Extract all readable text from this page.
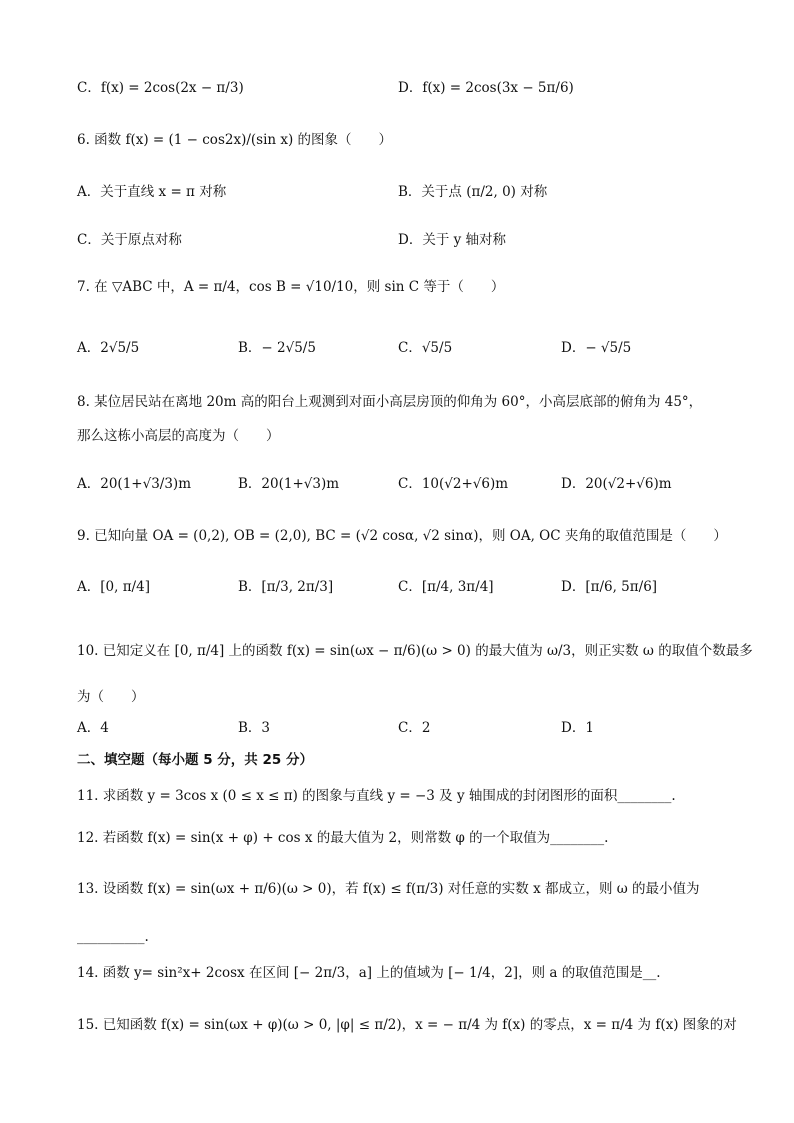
C．f(x) = 2cos(2x − π/3)	D．f(x) = 2cos(3x − 5π/6)
6. 函数 f(x) = (1 − cos2x)/(sin x) 的图象（　　）
A．关于直线 x = π 对称	B．关于点 (π/2, 0) 对称
C．关于原点对称	D．关于 y 轴对称
7. 在 ▽ABC 中，A = π/4，cos B = √10/10，则 sin C 等于（　　）
A．2√5/5	B．− 2√5/5	C．√5/5	D．− √5/5
8. 某位居民站在离地 20m 高的阳台上观测到对面小高层房顶的仰角为 60°，小高层底部的俯角为 45°，
那么这栋小高层的高度为（　　）
A．20(1+√3/3)m	B．20(1+√3)m	C．10(√2+√6)m	D．20(√2+√6)m
9. 已知向量 OA = (0,2), OB = (2,0), BC = (√2 cosα, √2 sinα)，则 OA, OC 夹角的取值范围是（　　）
A．[0, π/4]	B．[π/3, 2π/3]	C．[π/4, 3π/4]	D．[π/6, 5π/6]
10. 已知定义在 [0, π/4] 上的函数 f(x) = sin(ωx − π/6)(ω > 0) 的最大值为 ω/3，则正实数 ω 的取值个数最多
为（　　）
A．4	B．3	C．2	D．1
二、填空题（每小题 5 分，共 25 分）
11. 求函数 y = 3cos x (0 ≤ x ≤ π) 的图象与直线 y = −3 及 y 轴围成的封闭图形的面积________.
12. 若函数 f(x) = sin(x + φ) + cos x 的最大值为 2，则常数 φ 的一个取值为________.
13. 设函数 f(x) = sin(ωx + π/6)(ω > 0)，若 f(x) ≤ f(π/3) 对任意的实数 x 都成立，则 ω 的最小值为
__________.
14. 函数 y= sin²x+ 2cosx 在区间 [− 2π/3，a] 上的值域为 [− 1/4，2]，则 a 的取值范围是__.
15. 已知函数 f(x) = sin(ωx + φ)(ω > 0, |φ| ≤ π/2)，x = − π/4 为 f(x) 的零点，x = π/4 为 f(x) 图象的对
